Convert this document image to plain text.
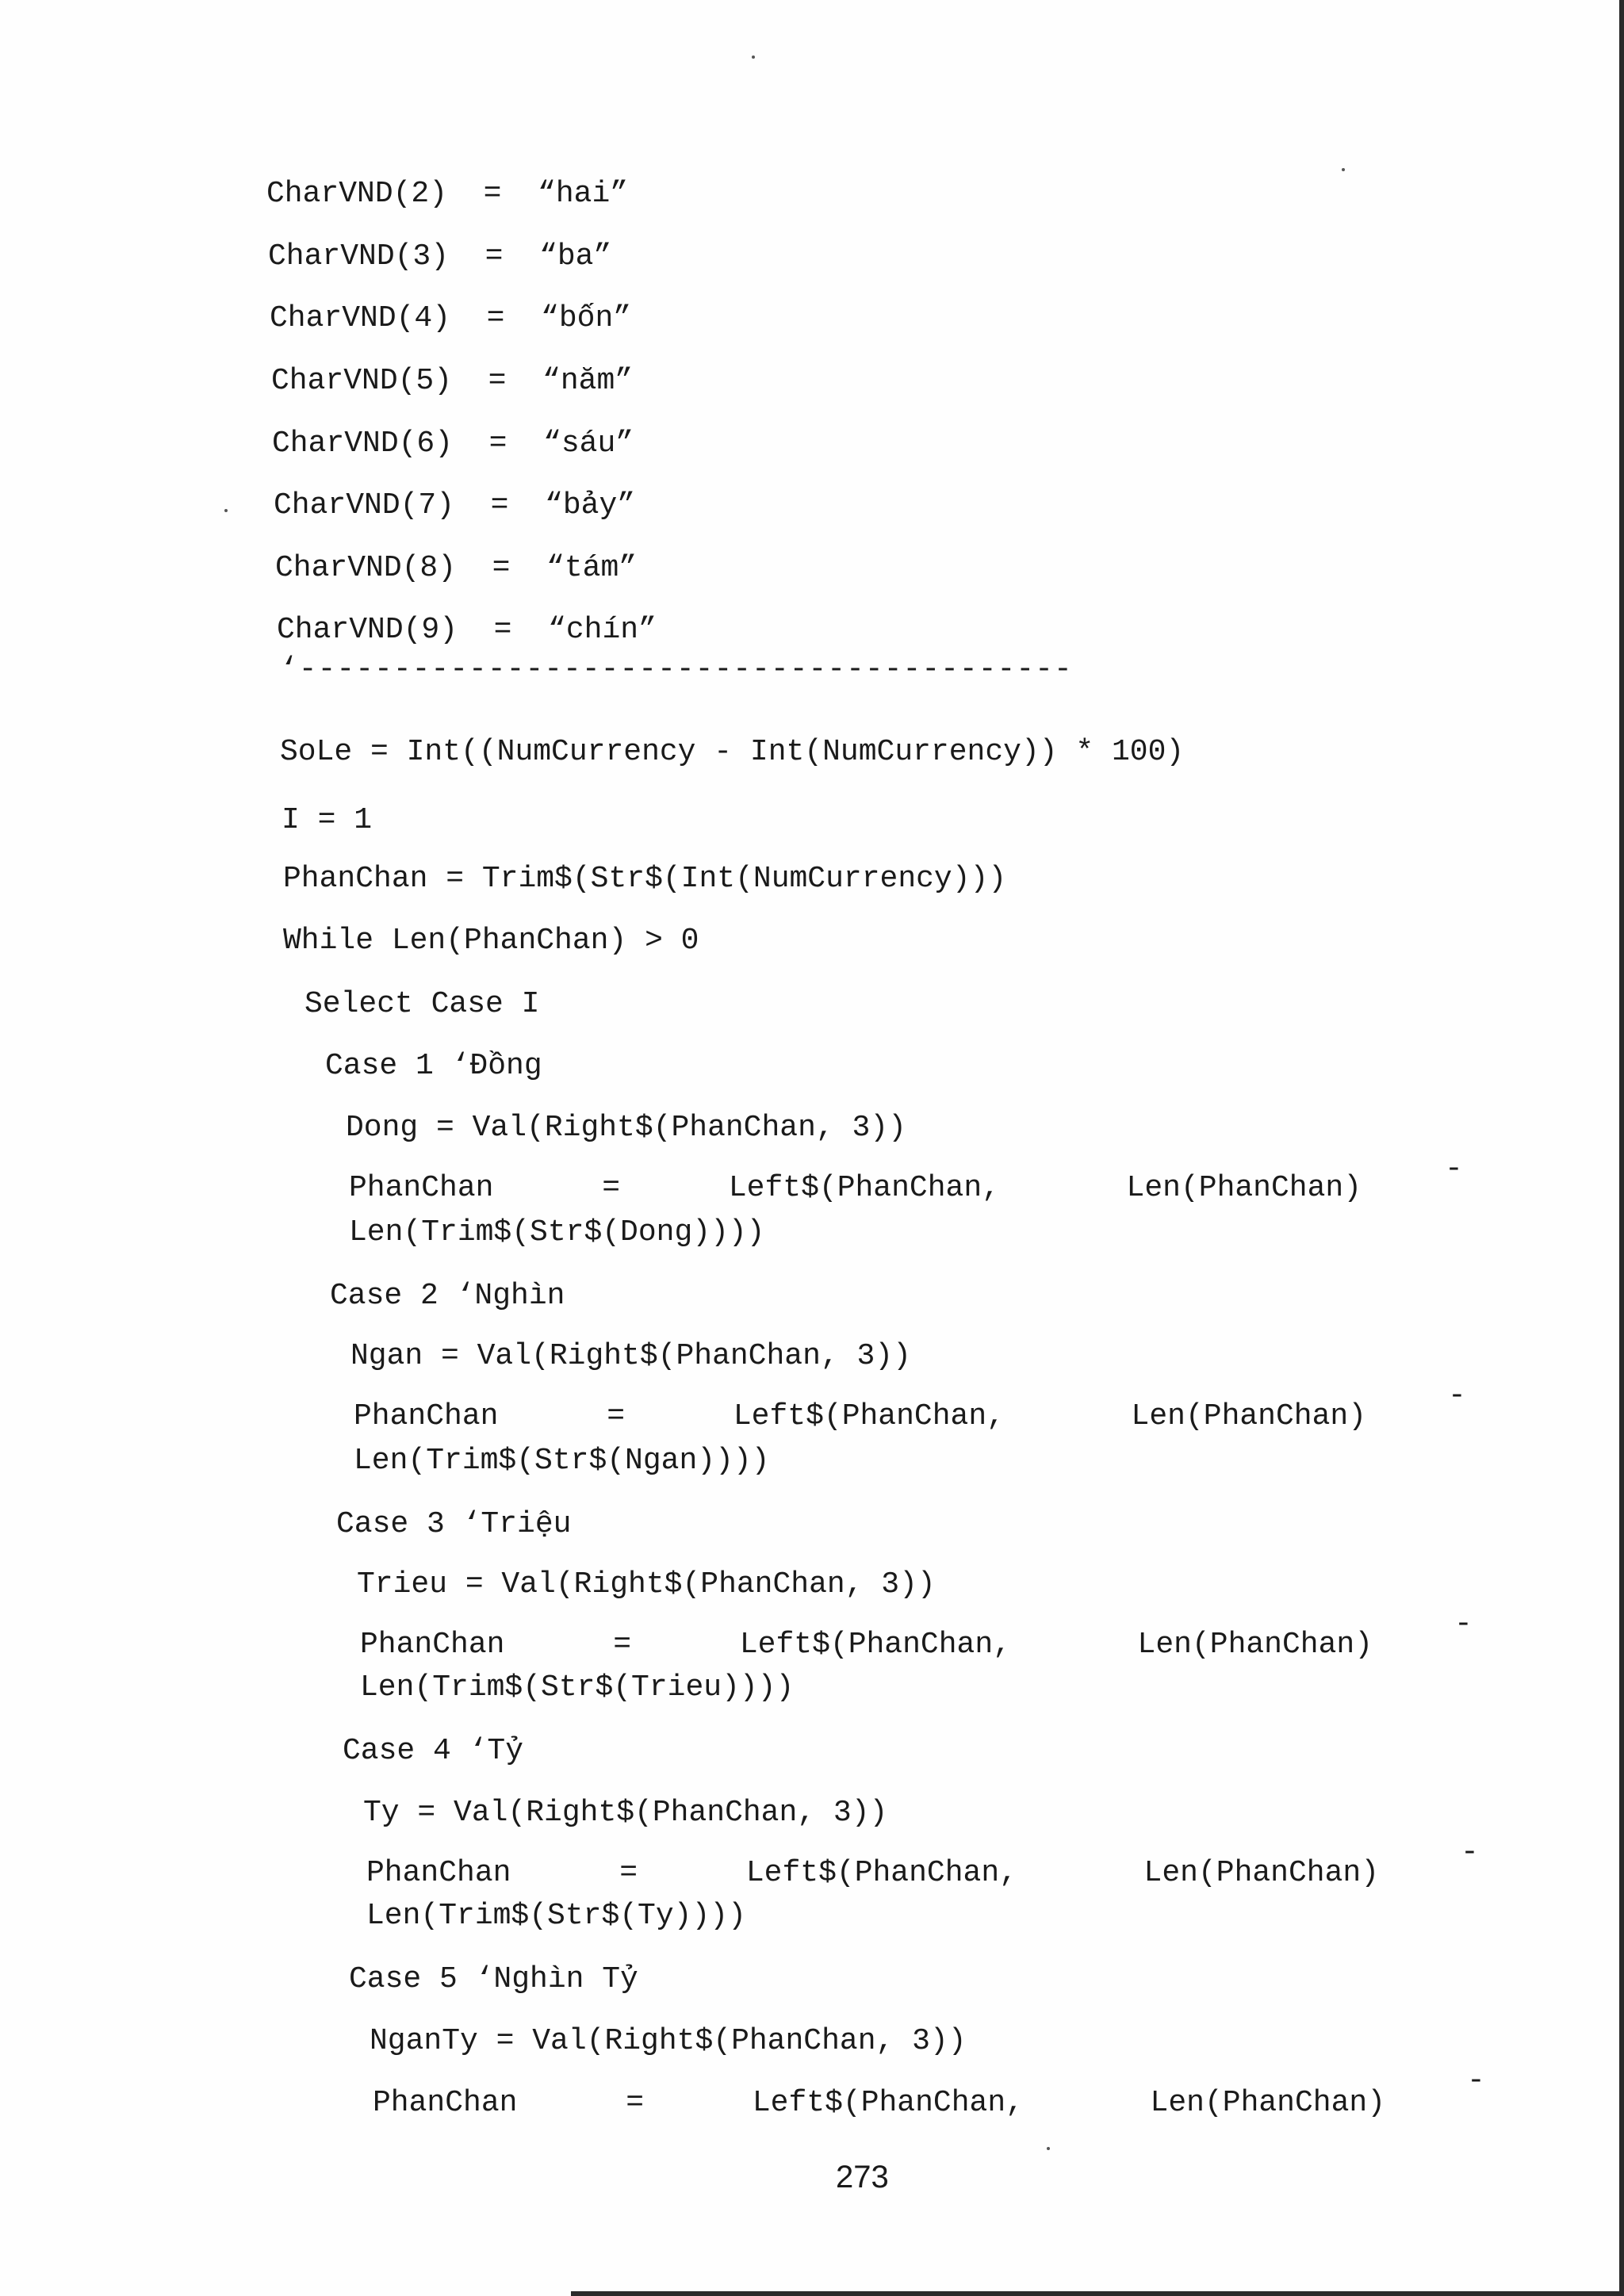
CharVND(2)  =  “hai”
CharVND(3)  =  “ba”
CharVND(4)  =  “bốn”
CharVND(5)  =  “năm”
CharVND(6)  =  “sáu”
CharVND(7)  =  “bảy”
CharVND(8)  =  “tám”
CharVND(9)  =  “chín”
‘-----------------------------------------
SoLe = Int((NumCurrency - Int(NumCurrency)) * 100)
I = 1
PhanChan = Trim$(Str$(Int(NumCurrency)))
While Len(PhanChan) > 0
Select Case I
Case 1 ‘Đồng
Dong = Val(Right$(PhanChan, 3))
PhanChan      =      Left$(PhanChan,       Len(PhanChan)
Len(Trim$(Str$(Dong))))
Case 2 ‘Nghìn
Ngan = Val(Right$(PhanChan, 3))
PhanChan      =      Left$(PhanChan,       Len(PhanChan)
Len(Trim$(Str$(Ngan))))
Case 3 ‘Triệu
Trieu = Val(Right$(PhanChan, 3))
PhanChan      =      Left$(PhanChan,       Len(PhanChan)
Len(Trim$(Str$(Trieu))))
Case 4 ‘Tỷ
Ty = Val(Right$(PhanChan, 3))
PhanChan      =      Left$(PhanChan,       Len(PhanChan)
Len(Trim$(Str$(Ty))))
Case 5 ‘Nghìn Tỷ
NganTy = Val(Right$(PhanChan, 3))
PhanChan      =      Left$(PhanChan,       Len(PhanChan)
-
-
-
-
-
273
